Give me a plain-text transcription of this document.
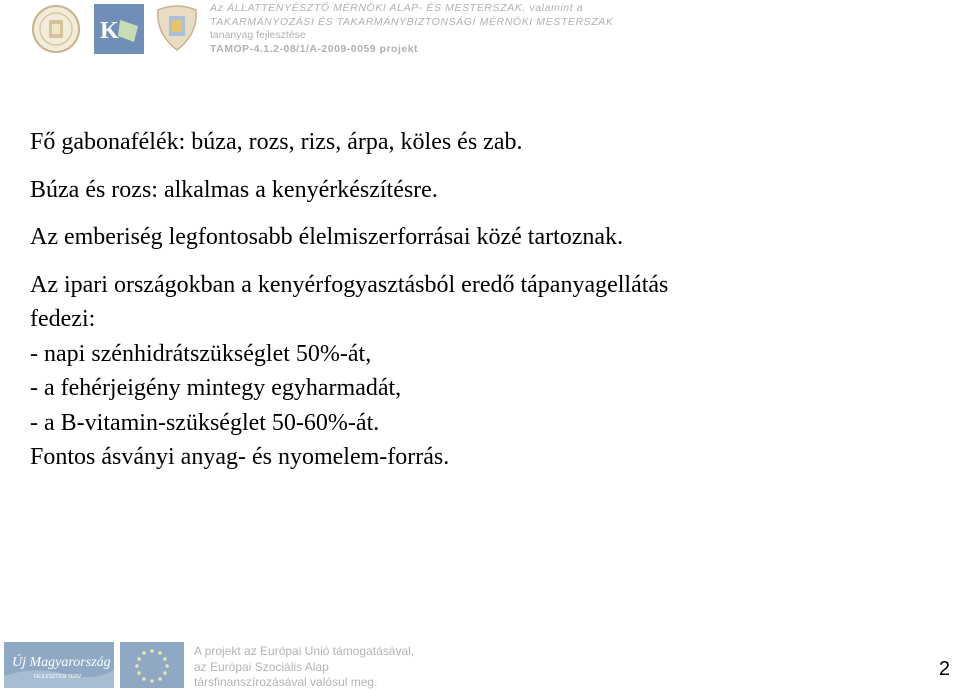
K
Az ÁLLATTENYÉSZTŐ MÉRNÖKI ALAP- ÉS MESTERSZAK, valamint a
TAKARMÁNYOZÁSI ÉS TAKARMÁNYBIZTONSÁGI MÉRNÖKI MESTERSZAK
tananyag fejlesztése
TAMOP-4.1.2-08/1/A-2009-0059 projekt

Fő gabonafélék: búza, rozs, rizs, árpa, köles és zab.

Búza és rozs: alkalmas a kenyérkészítésre.

Az emberiség legfontosabb élelmiszerforrásai közé tartoznak.

Az ipari országokban a kenyérfogyasztásból eredő tápanyagellátás

fedezi:

- napi szénhidrátszükséglet 50%-át,

- a fehérjeigény mintegy egyharmadát,

- a B-vitamin-szükséglet 50-60%-át.

Fontos ásványi anyag- és nyomelem-forrás.

Új Magyarország
FEJLESZTÉSI TERV
A projekt az Európai Unió támogatásával,
az Európai Szociális Alap
társfinanszírozásával valósul meg.
2
